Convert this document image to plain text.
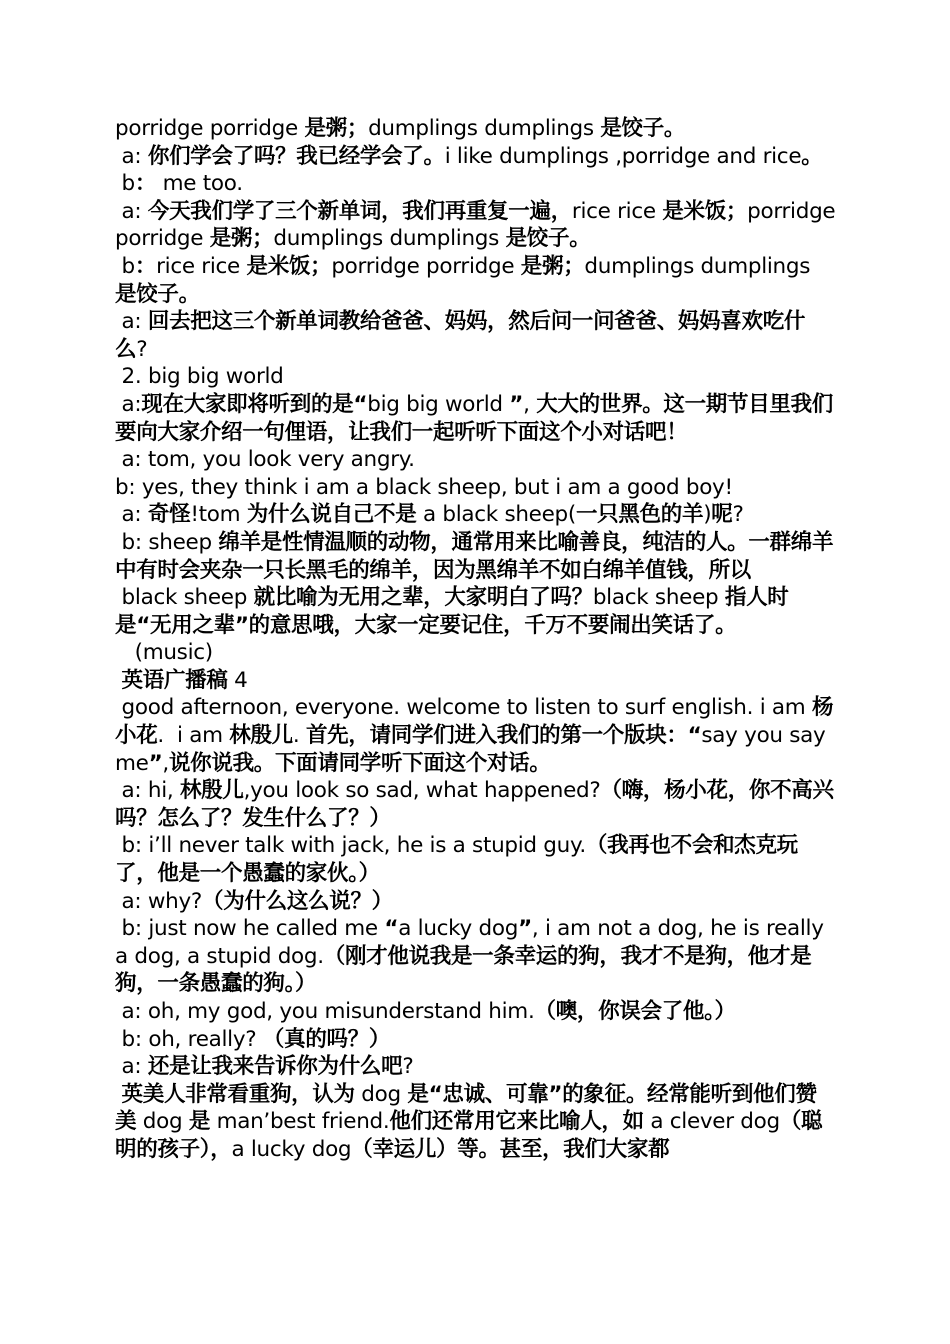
porridge porridge 是粥；dumplings dumplings 是饺子。

a: 你们学会了吗？我已经学会了。i like dumplings ,porridge and rice。

b： me too.

a: 今天我们学了三个新单词，我们再重复一遍，rice rice 是米饭；porridge porridge 是粥；dumplings dumplings 是饺子。

b：rice rice 是米饭；porridge porridge 是粥；dumplings dumplings 是饺子。

a: 回去把这三个新单词教给爸爸、妈妈，然后问一问爸爸、妈妈喜欢吃什么?

2. big big world

a:现在大家即将听到的是“big big world ”, 大大的世界。这一期节目里我们要向大家介绍一句俚语，让我们一起听听下面这个小对话吧！

a: tom, you look very angry.

b: yes, they think i am a black sheep, but i am a good boy!

a: 奇怪!tom 为什么说自己不是 a black sheep(一只黑色的羊)呢?

b: sheep 绵羊是性情温顺的动物，通常用来比喻善良，纯洁的人。一群绵羊中有时会夹杂一只长黑毛的绵羊，因为黑绵羊不如白绵羊值钱，所以

black sheep 就比喻为无用之辈，大家明白了吗？black sheep 指人时是“无用之辈”的意思哦，大家一定要记住，千万不要闹出笑话了。

(music)

英语广播稿 4

good afternoon, everyone. welcome to listen to surf english. i am 杨小花.  i am 林殷儿. 首先，请同学们进入我们的第一个版块：“say you say me”,说你说我。下面请同学听下面这个对话。

a: hi, 林殷儿,you look so sad, what happened?（嗨，杨小花，你不高兴吗？怎么了？发生什么了？）

b: i’ll never talk with jack, he is a stupid guy.（我再也不会和杰克玩了，他是一个愚蠢的家伙。）

a: why?（为什么这么说？）

b: just now he called me “a lucky dog”, i am not a dog, he is really a dog, a stupid dog.（刚才他说我是一条幸运的狗，我才不是狗，他才是狗，一条愚蠢的狗。）

a: oh, my god, you misunderstand him.（噢，你误会了他。）

b: oh, really? （真的吗？）

a: 还是让我来告诉你为什么吧?

英美人非常看重狗，认为 dog 是“忠诚、可靠”的象征。经常能听到他们赞美 dog 是 man’best friend.他们还常用它来比喻人，如 a clever dog（聪明的孩子），a lucky dog（幸运儿）等。甚至，我们大家都
